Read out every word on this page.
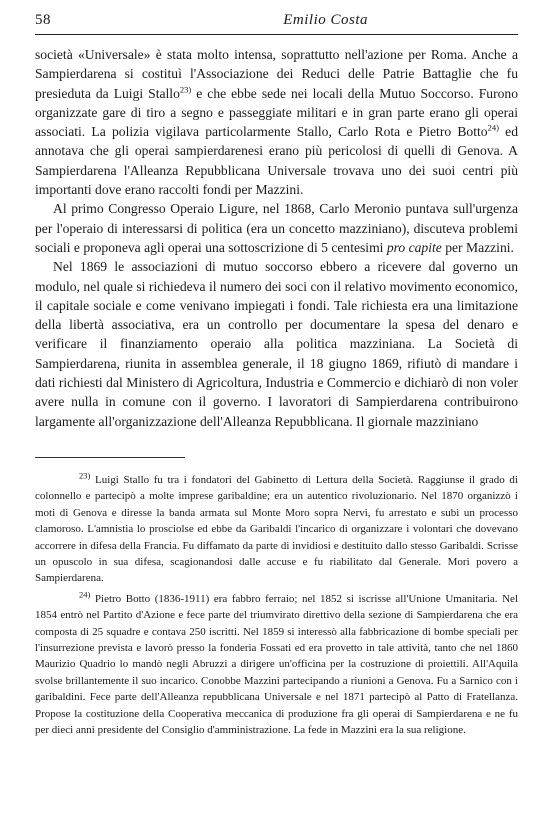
58	Emilio Costa

società «Universale» è stata molto intensa, soprattutto nell'azione per Roma. Anche a Sampierdarena si costituì l'Associazione dei Reduci delle Patrie Battaglie che fu presieduta da Luigi Stallo$^{23)}$ e che ebbe sede nei locali della Mutuo Soccorso. Furono organizzate gare di tiro a segno e passeggiate militari e in gran parte erano gli operai associati. La polizia vigilava particolarmente Stallo, Carlo Rota e Pietro Botto$^{24)}$ ed annotava che gli operai sampierdarenesi erano più pericolosi di quelli di Genova. A Sampierdarena l'Alleanza Repubblicana Universale trovava uno dei suoi centri più importanti dove erano raccolti fondi per Mazzini.

Al primo Congresso Operaio Ligure, nel 1868, Carlo Meronio puntava sull'urgenza per l'operaio di interessarsi di politica (era un concetto mazziniano), discuteva problemi sociali e proponeva agli operai una sottoscrizione di 5 centesimi pro capite per Mazzini.

Nel 1869 le associazioni di mutuo soccorso ebbero a ricevere dal governo un modulo, nel quale si richiedeva il numero dei soci con il relativo movimento economico, il capitale sociale e come venivano impiegati i fondi. Tale richiesta era una limitazione della libertà associativa, era un controllo per documentare la spesa del denaro e verificare il finanziamento operaio alla politica mazziniana. La Società di Sampierdarena, riunita in assemblea generale, il 18 giugno 1869, rifiutò di mandare i dati richiesti dal Ministero di Agricoltura, Industria e Commercio e dichiarò di non voler avere nulla in comune con il governo. I lavoratori di Sampierdarena contribuirono largamente all'organizzazione dell'Alleanza Repubblicana. Il giornale mazziniano

$^{23)}$ Luigi Stallo fu tra i fondatori del Gabinetto di Lettura della Società. Raggiunse il grado di colonnello e partecipò a molte imprese garibaldine; era un autentico rivoluzionario. Nel 1870 organizzò i moti di Genova e diresse la banda armata sul Monte Moro sopra Nervi, fu arrestato e subì un processo clamoroso. L'amnistia lo prosciolse ed ebbe da Garibaldi l'incarico di organizzare i volontari che dovevano accorrere in difesa della Francia. Fu diffamato da parte di invidiosi e destituito dallo stesso Garibaldi. Scrisse un opuscolo in sua difesa, scagionandosi dalle accuse e fu riabilitato dal Generale. Morì povero a Sampierdarena.

$^{24)}$ Pietro Botto (1836-1911) era fabbro ferraio; nel 1852 si iscrisse all'Unione Umanitaria. Nel 1854 entrò nel Partito d'Azione e fece parte del triumvirato direttivo della sezione di Sampierdarena che era composta di 25 squadre e contava 250 iscritti. Nel 1859 si interessò alla fabbricazione di bombe speciali per l'insurrezione prevista e lavorò presso la fonderia Fossati ed era provetto in tale attività, tanto che nel 1860 Maurizio Quadrio lo mandò negli Abruzzi a dirigere un'officina per la costruzione di proiettili. All'Aquila svolse brillantemente il suo incarico. Conobbe Mazzini partecipando a riunioni a Genova. Fu a Sarnico con i garibaldini. Fece parte dell'Alleanza repubblicana Universale e nel 1871 partecipò al Patto di Fratellanza. Propose la costituzione della Cooperativa meccanica di produzione fra gli operai di Sampierdarena e ne fu per dieci anni presidente del Consiglio d'amministrazione. La fede in Mazzini era la sua religione.
